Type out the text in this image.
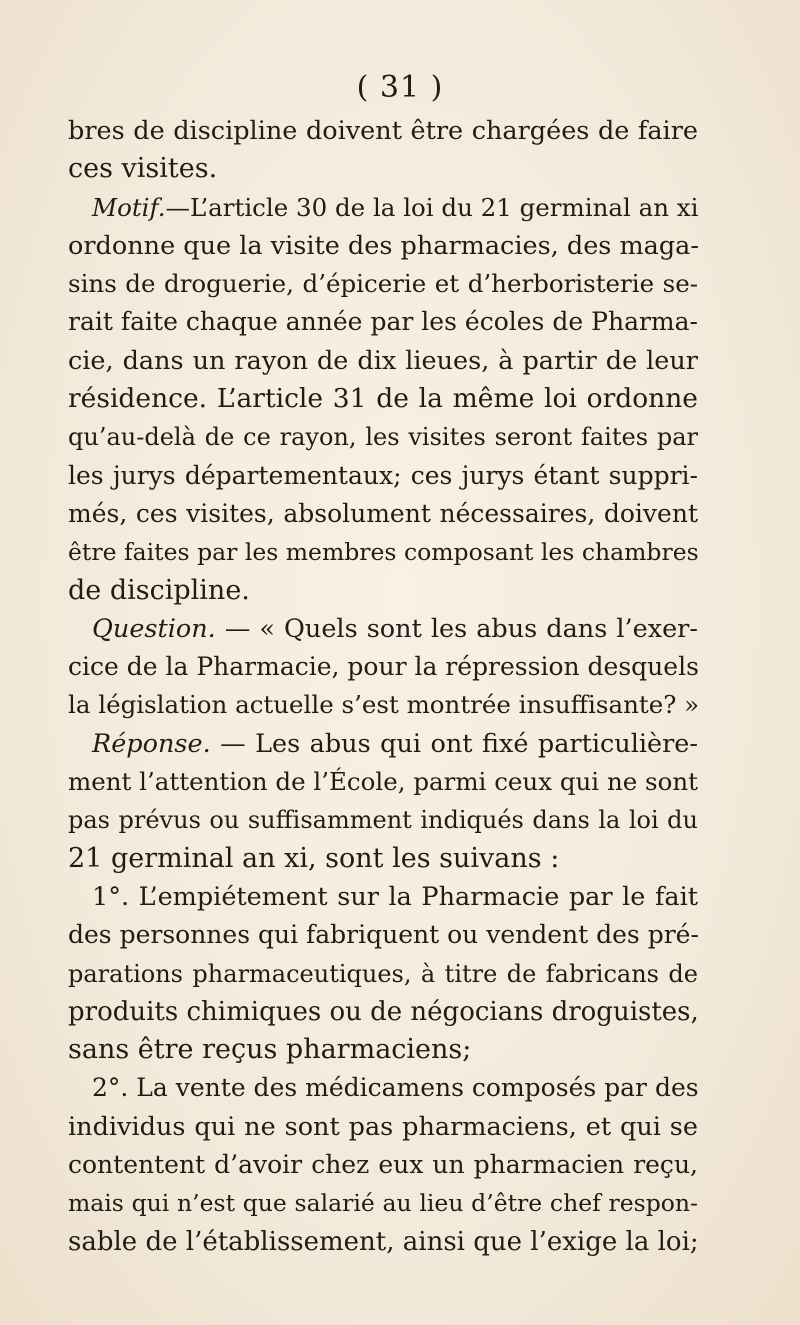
( 31 )
bres de discipline doivent être chargées de faire
ces visites.
Motif.—L’article 30 de la loi du 21 germinal an xi
ordonne que la visite des pharmacies, des maga-
sins de droguerie, d’épicerie et d’herboristerie se-
rait faite chaque année par les écoles de Pharma-
cie, dans un rayon de dix lieues, à partir de leur
résidence. L’article 31 de la même loi ordonne
qu’au-delà de ce rayon, les visites seront faites par
les jurys départementaux; ces jurys étant suppri-
més, ces visites, absolument nécessaires, doivent
être faites par les membres composant les chambres
de discipline.
Question. — « Quels sont les abus dans l’exer-
cice de la Pharmacie, pour la répression desquels
la législation actuelle s’est montrée insuffisante? »
Réponse. — Les abus qui ont fixé particulière-
ment l’attention de l’École, parmi ceux qui ne sont
pas prévus ou suffisamment indiqués dans la loi du
21 germinal an xi, sont les suivans :
1°. L’empiétement sur la Pharmacie par le fait
des personnes qui fabriquent ou vendent des pré-
parations pharmaceutiques, à titre de fabricans de
produits chimiques ou de négocians droguistes,
sans être reçus pharmaciens;
2°. La vente des médicamens composés par des
individus qui ne sont pas pharmaciens, et qui se
contentent d’avoir chez eux un pharmacien reçu,
mais qui n’est que salarié au lieu d’être chef respon-
sable de l’établissement, ainsi que l’exige la loi;
